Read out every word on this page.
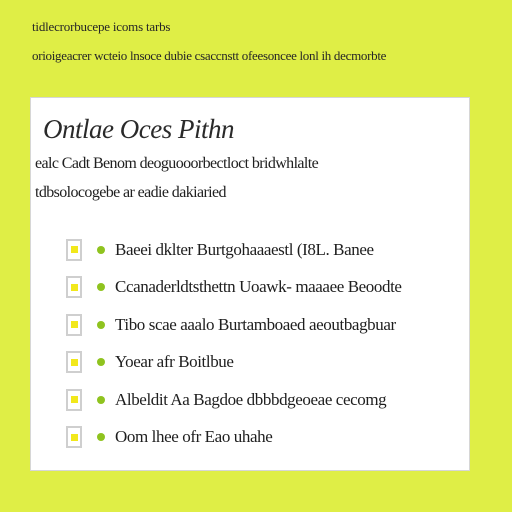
tidlecrorbucepe icoms tarbs
orioigeacrer wcteio lnsoce dubie csaccnstt ofeesoncee lonl ih decmorbte
Ontlae Oces Pithn
ealc Cadt Benom deoguooorbectloct bridwhlalte
tdbsolocogebe ar eadie dakiaried
Baeei dklter Burtgohaaaestl (I8L. Banee
Ccanaderldtsthettn Uoawk- maaaee Beoodte
Tibo scae aaalo Burtamboaed aeoutbagbuar
Yoear afr Boitlbue
Albeldit Aa Bagdoe dbbbdgeoeae cecomg
Oom lhee ofr Eao uhahe
